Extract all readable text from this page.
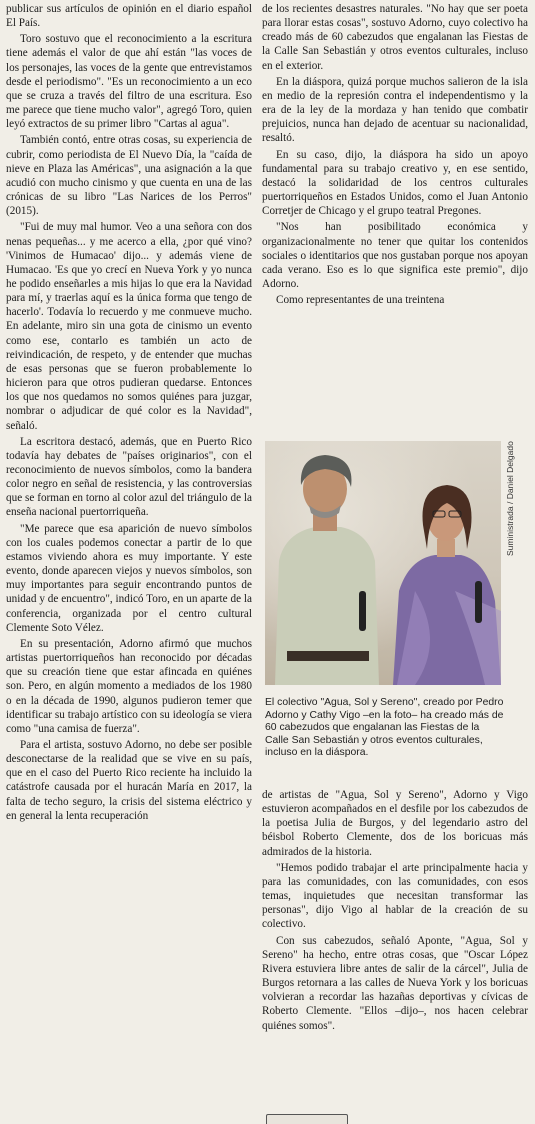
publicar sus artículos de opinión en el diario español El País.

Toro sostuvo que el reconocimiento a la escritura tiene además el valor de que ahí están "las voces de los personajes, las voces de la gente que entrevistamos desde el periodismo". "Es un reconocimiento a un eco que se cruza a través del filtro de una escritura. Eso me parece que tiene mucho valor", agregó Toro, quien leyó extractos de su primer libro "Cartas al agua".

También contó, entre otras cosas, su experiencia de cubrir, como periodista de El Nuevo Día, la "caída de nieve en Plaza las Américas", una asignación a la que acudió con mucho cinismo y que cuenta en una de las crónicas de su libro "Las Narices de los Perros" (2015).

"Fui de muy mal humor. Veo a una señora con dos nenas pequeñas... y me acerco a ella, ¿por qué vino? 'Vinimos de Humacao' dijo... y además viene de Humacao. 'Es que yo crecí en Nueva York y yo nunca he podido enseñarles a mis hijas lo que era la Navidad para mí, y traerlas aquí es la única forma que tengo de hacerlo'. Todavía lo recuerdo y me conmueve mucho. En adelante, miro sin una gota de cinismo un evento como ese, contarlo es también un acto de reivindicación, de respeto, y de entender que muchas de esas personas que se fueron probablemente lo hicieron para que otros pudieran quedarse. Entonces los que nos quedamos no somos quiénes para juzgar, nombrar o adjudicar de qué color es la Navidad", señaló.

La escritora destacó, además, que en Puerto Rico todavía hay debates de "países originarios", con el reconocimiento de nuevos símbolos, como la bandera color negro en señal de resistencia, y las controversias que se forman en torno al color azul del triángulo de la enseña nacional puertorriqueña.

"Me parece que esa aparición de nuevo símbolos con los cuales podemos conectar a partir de lo que estamos viviendo ahora es muy importante. Y este evento, donde aparecen viejos y nuevos símbolos, son muy importantes para seguir encontrando puntos de unidad y de encuentro", indicó Toro, en un aparte de la conferencia, organizada por el centro cultural Clemente Soto Vélez.

En su presentación, Adorno afirmó que muchos artistas puertorriqueños han reconocido por décadas que su creación tiene que estar afincada en quiénes son. Pero, en algún momento a mediados de los 1980 o en la década de 1990, algunos pudieron temer que identificar su trabajo artístico con su ideología se viera como "una camisa de fuerza".

Para el artista, sostuvo Adorno, no debe ser posible desconectarse de la realidad que se vive en su país, que en el caso del Puerto Rico reciente ha incluido la catástrofe causada por el huracán María en 2017, la falta de techo seguro, la crisis del sistema eléctrico y en general la lenta recuperación

de los recientes desastres naturales. "No hay que ser poeta para llorar estas cosas", sostuvo Adorno, cuyo colectivo ha creado más de 60 cabezudos que engalanan las Fiestas de la Calle San Sebastián y otros eventos culturales, incluso en el exterior.

En la diáspora, quizá porque muchos salieron de la isla en medio de la represión contra el independentismo y la era de la ley de la mordaza y han tenido que combatir prejuicios, nunca han dejado de acentuar su nacionalidad, resaltó.

En su caso, dijo, la diáspora ha sido un apoyo fundamental para su trabajo creativo y, en ese sentido, destacó la solidaridad de los centros culturales puertorriqueños en Estados Unidos, como el Juan Antonio Corretjer de Chicago y el grupo teatral Pregones.

"Nos han posibilitado económica y organizacionalmente no tener que quitar los contenidos sociales o identitarios que nos gustaban porque nos apoyan cada verano. Eso es lo que significa este premio", dijo Adorno.

Como representantes de una treintena

Suministrada / Daniel Delgado
El colectivo "Agua, Sol y Sereno", creado por Pedro Adorno y Cathy Vigo –en la foto– ha creado más de 60 cabezudos que engalanan las Fiestas de la Calle San Sebastián y otros eventos culturales, incluso en la diáspora.

de artistas de "Agua, Sol y Sereno", Adorno y Vigo estuvieron acompañados en el desfile por los cabezudos de la poetisa Julia de Burgos, y del legendario astro del béisbol Roberto Clemente, dos de los boricuas más admirados de la historia.

"Hemos podido trabajar el arte principalmente hacia y para las comunidades, con las comunidades, con esos temas, inquietudes que necesitan transformar las personas", dijo Vigo al hablar de la creación de su colectivo.

Con sus cabezudos, señaló Aponte, "Agua, Sol y Sereno" ha hecho, entre otras cosas, que "Oscar López Rivera estuviera libre antes de salir de la cárcel", Julia de Burgos retornara a las calles de Nueva York y los boricuas volvieran a recordar las hazañas deportivas y cívicas de Roberto Clemente. "Ellos –dijo–, nos hacen celebrar quiénes somos".
